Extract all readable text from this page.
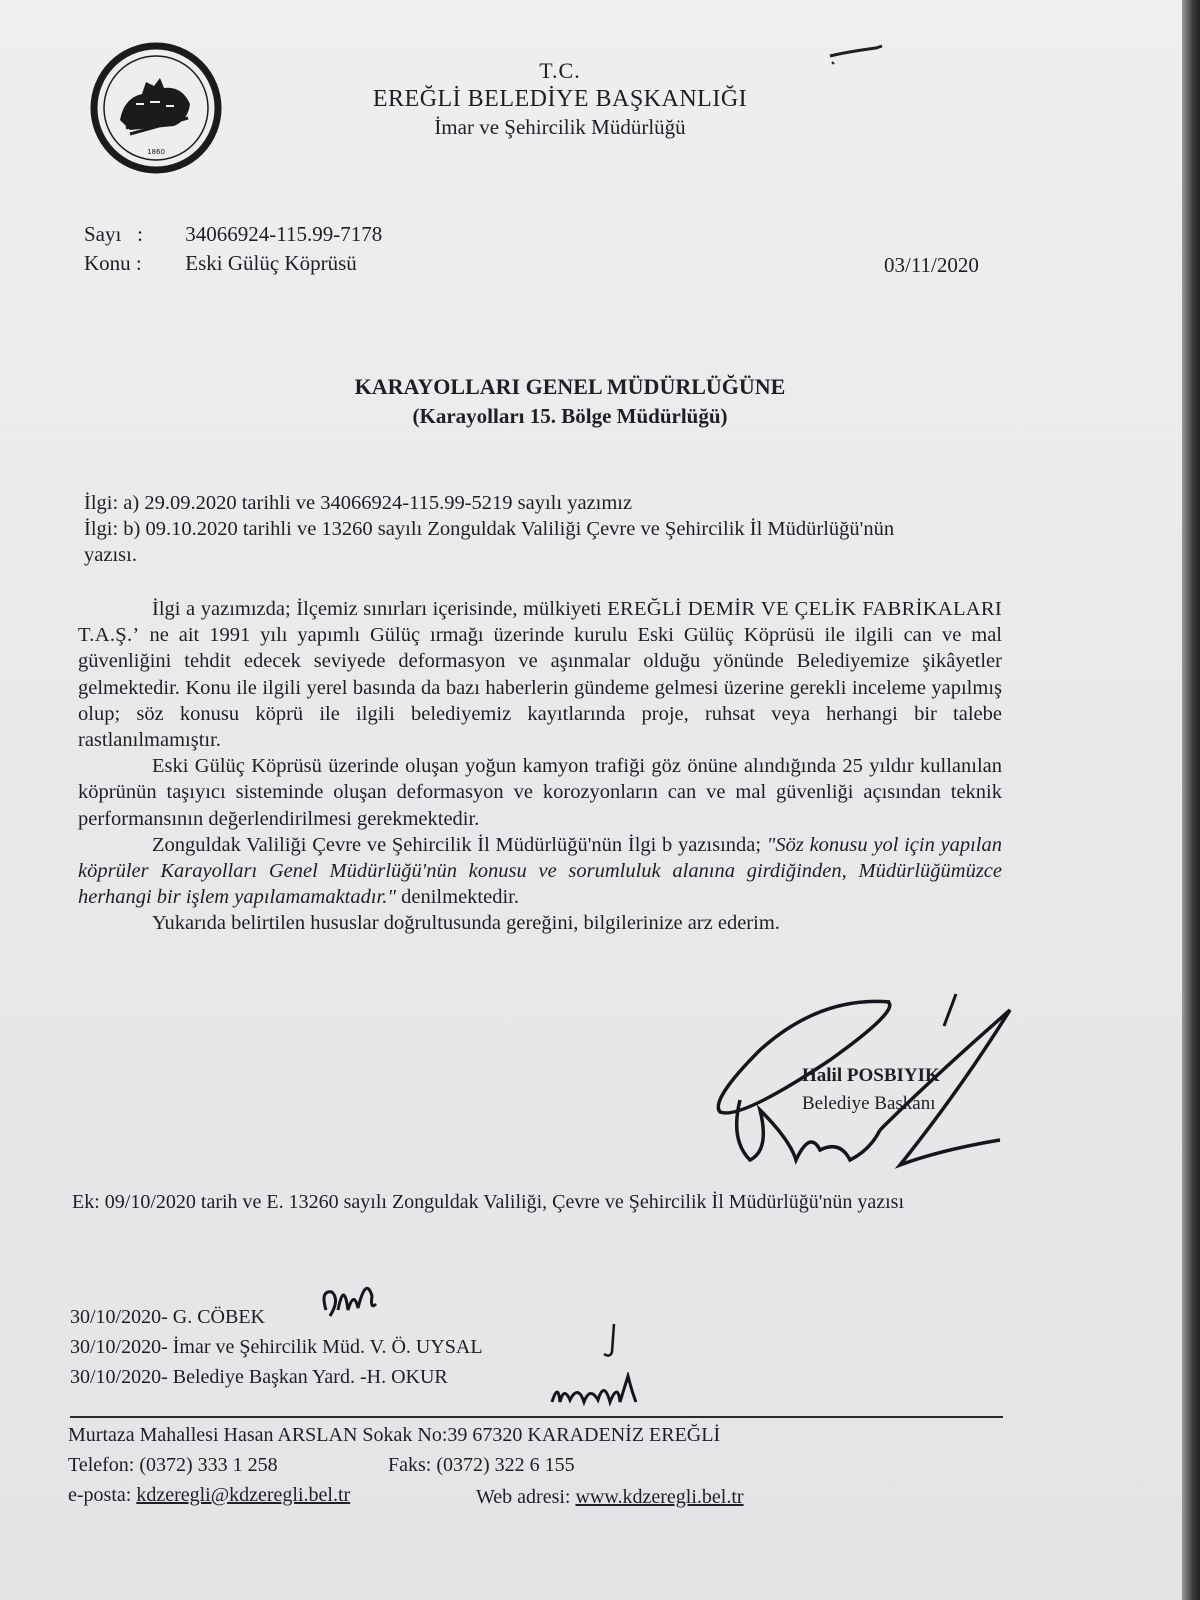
1860
T.C.
EREĞLİ BELEDİYE BAŞKANLIĞI
İmar ve Şehircilik Müdürlüğü
Sayı : 34066924-115.99-7178
Konu : Eski Gülüç Köprüsü	03/11/2020
KARAYOLLARI GENEL MÜDÜRLÜĞÜNE
(Karayolları 15. Bölge Müdürlüğü)
İlgi: a) 29.09.2020 tarihli ve 34066924-115.99-5219 sayılı yazımız
İlgi: b) 09.10.2020 tarihli ve 13260 sayılı Zonguldak Valiliği Çevre ve Şehircilik İl Müdürlüğü'nün yazısı.

İlgi a yazımızda; İlçemiz sınırları içerisinde, mülkiyeti EREĞLİ DEMİR VE ÇELİK FABRİKALARI T.A.Ş.’ ne ait 1991 yılı yapımlı Gülüç ırmağı üzerinde kurulu Eski Gülüç Köprüsü ile ilgili can ve mal güvenliğini tehdit edecek seviyede deformasyon ve aşınmalar olduğu yönünde Belediyemize şikâyetler gelmektedir. Konu ile ilgili yerel basında da bazı haberlerin gündeme gelmesi üzerine gerekli inceleme yapılmış olup; söz konusu köprü ile ilgili belediyemiz kayıtlarında proje, ruhsat veya herhangi bir talebe rastlanılmamıştır.

Eski Gülüç Köprüsü üzerinde oluşan yoğun kamyon trafiği göz önüne alındığında 25 yıldır kullanılan köprünün taşıyıcı sisteminde oluşan deformasyon ve korozyonların can ve mal güvenliği açısından teknik performansının değerlendirilmesi gerekmektedir.

Zonguldak Valiliği Çevre ve Şehircilik İl Müdürlüğü'nün İlgi b yazısında; "Söz konusu yol için yapılan köprüler Karayolları Genel Müdürlüğü'nün konusu ve sorumluluk alanına girdiğinden, Müdürlüğümüzce herhangi bir işlem yapılamamaktadır." denilmektedir.

Yukarıda belirtilen hususlar doğrultusunda gereğini, bilgilerinize arz ederim.

Halil POSBIYIK
Belediye Başkanı
Ek: 09/10/2020 tarih ve E. 13260 sayılı Zonguldak Valiliği, Çevre ve Şehircilik İl Müdürlüğü'nün yazısı
30/10/2020- G. CÖBEK
30/10/2020- İmar ve Şehircilik Müd. V. Ö. UYSAL
30/10/2020- Belediye Başkan Yard. -H. OKUR
Murtaza Mahallesi Hasan ARSLAN Sokak No:39 67320 KARADENİZ EREĞLİ
Telefon: (0372) 333 1 258	Faks: (0372) 322 6 155
e-posta: kdzeregli@kdzeregli.bel.tr	Web adresi: www.kdzeregli.bel.tr
